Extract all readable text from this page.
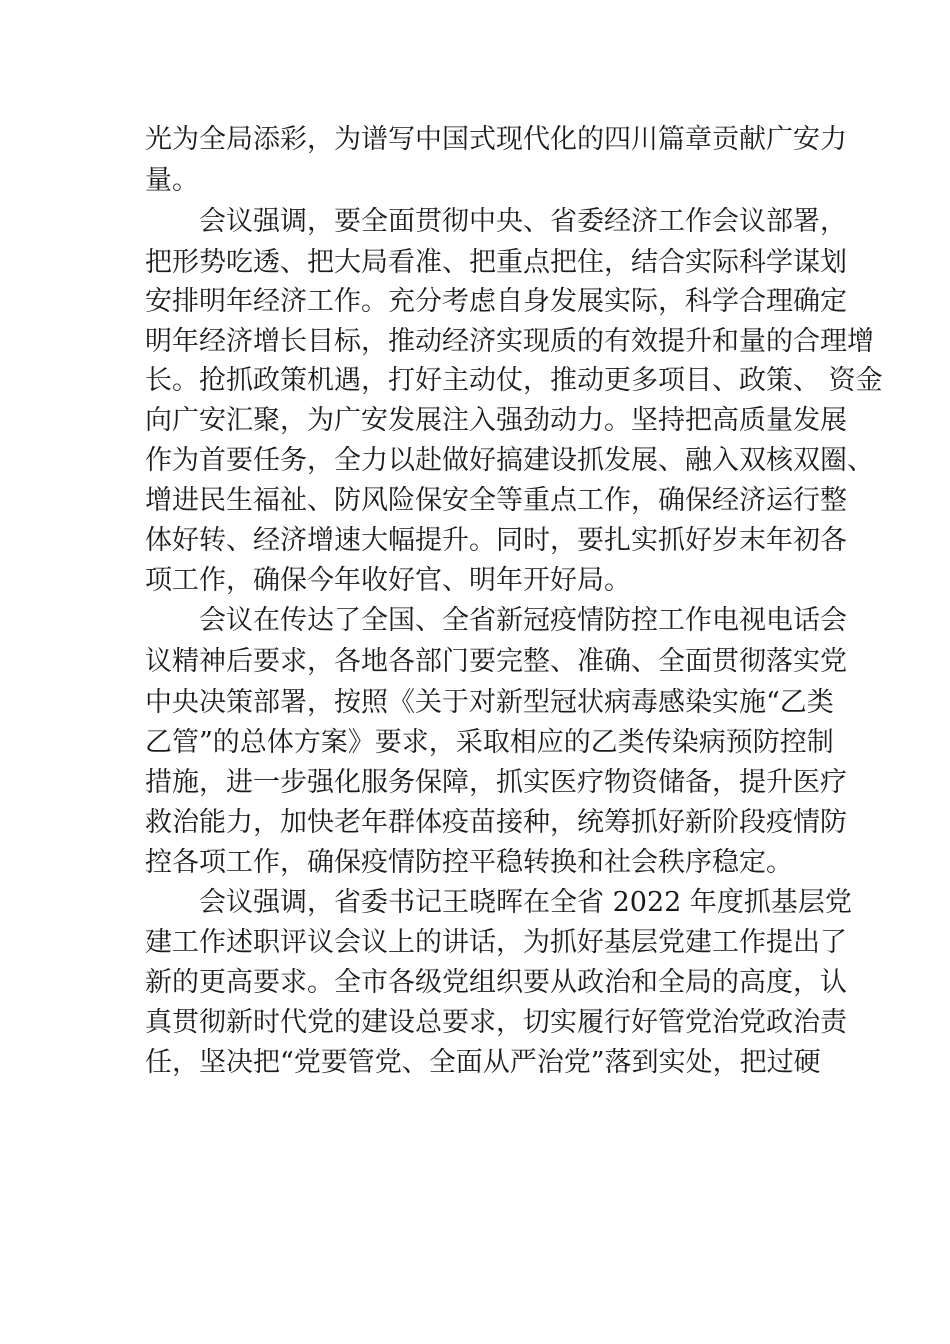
光为全局添彩，为谱写中国式现代化的四川篇章贡献广安力

量。

会议强调，要全面贯彻中央、省委经济工作会议部署，

把形势吃透、把大局看准、把重点把住，结合实际科学谋划

安排明年经济工作。充分考虑自身发展实际，科学合理确定

明年经济增长目标，推动经济实现质的有效提升和量的合理增

长。抢抓政策机遇，打好主动仗，推动更多项目、政策、 资金

向广安汇聚，为广安发展注入强劲动力。坚持把高质量发展

作为首要任务，全力以赴做好搞建设抓发展、融入双核双圈、

增进民生福祉、防风险保安全等重点工作，确保经济运行整

体好转、经济增速大幅提升。同时，要扎实抓好岁末年初各

项工作，确保今年收好官、明年开好局。

会议在传达了全国、全省新冠疫情防控工作电视电话会

议精神后要求，各地各部门要完整、准确、全面贯彻落实党

中央决策部署，按照《关于对新型冠状病毒感染实施“乙类

乙管”的总体方案》要求，采取相应的乙类传染病预防控制

措施，进一步强化服务保障，抓实医疗物资储备，提升医疗

救治能力，加快老年群体疫苗接种，统筹抓好新阶段疫情防

控各项工作，确保疫情防控平稳转换和社会秩序稳定。

会议强调，省委书记王晓晖在全省 2022 年度抓基层党

建工作述职评议会议上的讲话，为抓好基层党建工作提出了

新的更高要求。全市各级党组织要从政治和全局的高度，认

真贯彻新时代党的建设总要求，切实履行好管党治党政治责

任，坚决把“党要管党、全面从严治党”落到实处，把过硬
